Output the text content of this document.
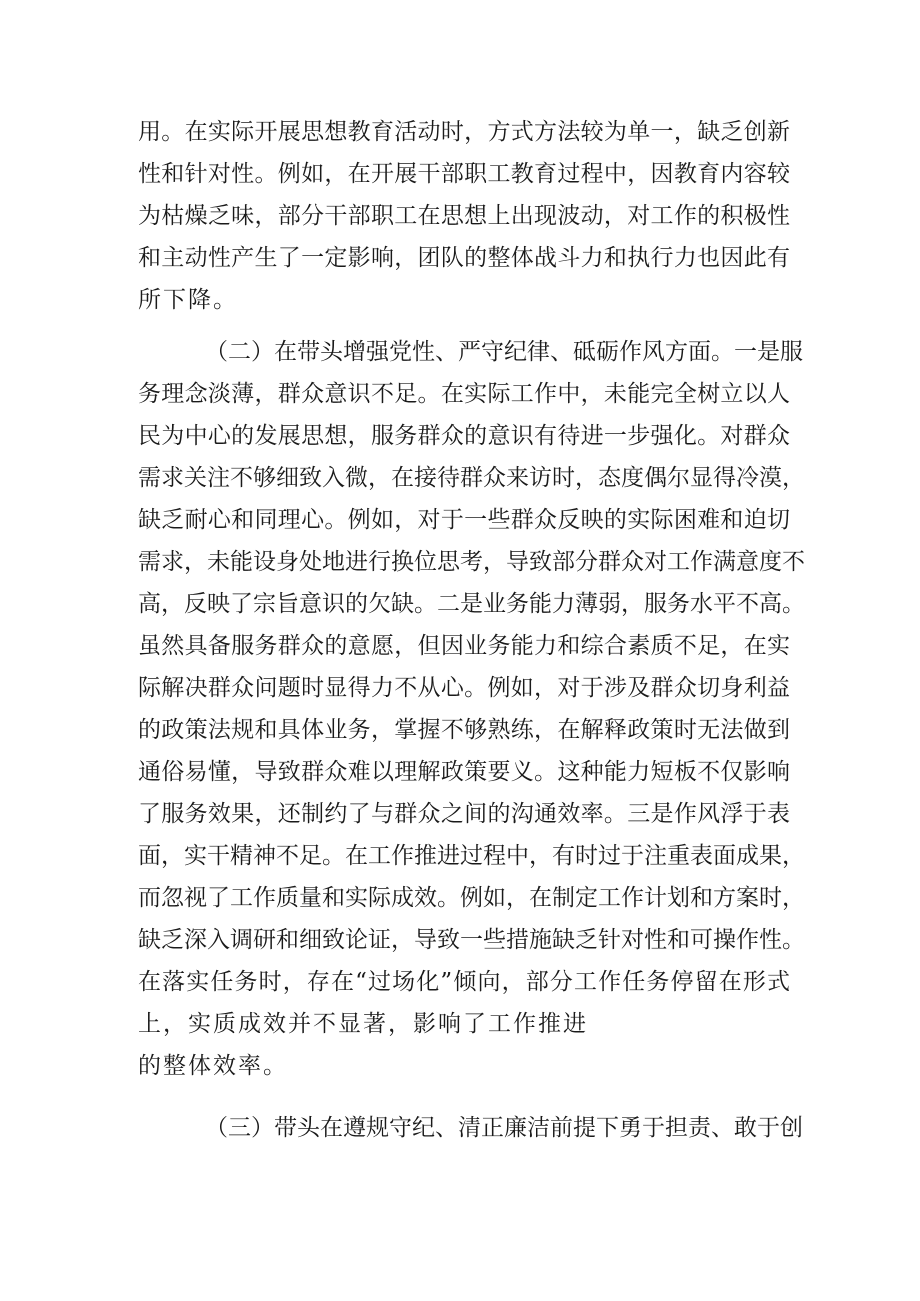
用。在实际开展思想教育活动时，方式方法较为单一，缺乏创新
性和针对性。例如，在开展干部职工教育过程中，因教育内容较
为枯燥乏味，部分干部职工在思想上出现波动，对工作的积极性
和主动性产生了一定影响，团队的整体战斗力和执行力也因此有
所下降。
（二）在带头增强党性、严守纪律、砥砺作风方面。一是服
务理念淡薄，群众意识不足。在实际工作中，未能完全树立以人
民为中心的发展思想，服务群众的意识有待进一步强化。对群众
需求关注不够细致入微，在接待群众来访时，态度偶尔显得冷漠，
缺乏耐心和同理心。例如，对于一些群众反映的实际困难和迫切
需求，未能设身处地进行换位思考，导致部分群众对工作满意度不
高，反映了宗旨意识的欠缺。二是业务能力薄弱，服务水平不高。
虽然具备服务群众的意愿，但因业务能力和综合素质不足，在实
际解决群众问题时显得力不从心。例如，对于涉及群众切身利益
的政策法规和具体业务，掌握不够熟练，在解释政策时无法做到
通俗易懂，导致群众难以理解政策要义。这种能力短板不仅影响
了服务效果，还制约了与群众之间的沟通效率。三是作风浮于表
面，实干精神不足。在工作推进过程中，有时过于注重表面成果，
而忽视了工作质量和实际成效。例如，在制定工作计划和方案时，
缺乏深入调研和细致论证，导致一些措施缺乏针对性和可操作性。
在落实任务时，存在“过场化”倾向，部分工作任务停留在形式
上，实质成效并不显著，影响了工作推进
的整体效率。
（三）带头在遵规守纪、清正廉洁前提下勇于担责、敢于创
